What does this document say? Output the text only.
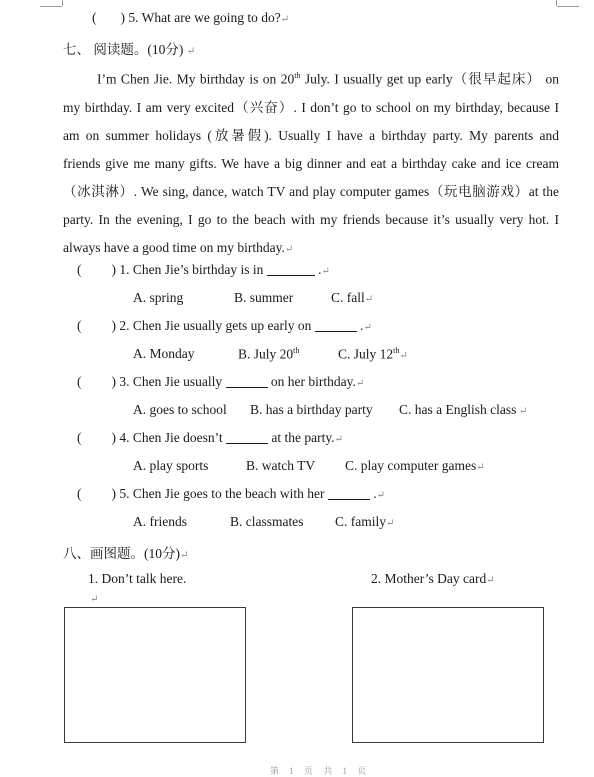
( ) 5. What are we going to do?↵
七、 阅读题。(10分) ↵
I’m Chen Jie. My birthday is on 20th July. I usually get up early（很早起床） on
my birthday. I am very excited（兴奋）. I don’t go to school on my birthday, because I
am on summer holidays (放暑假). Usually I have a birthday party. My parents and
friends give me many gifts. We have a big dinner and eat a birthday cake and ice cream
（冰淇淋）. We sing, dance, watch TV and play computer games（玩电脑游戏）at the
party. In the evening, I go to the beach with my friends because it’s usually very hot. I
always have a good time on my birthday.↵
( ) 1. Chen Jie’s birthday is in	.↵
A. spring	B. summer	C. fall↵
( ) 2. Chen Jie usually gets up early on	.↵
A. Monday	B. July 20th	C. July 12th↵
( ) 3. Chen Jie usually	on her birthday.↵
A. goes to school B. has a birthday party C. has a English class ↵
( ) 4. Chen Jie doesn’t	at the party.↵
A. play sports	B. watch TV C. play computer games↵
( ) 5. Chen Jie goes to the beach with her	.↵
A. friends	B. classmates C. family↵
八、画图题。(10分)↵
1. Don’t talk here.	2. Mother’s Day card↵
↵
第 1 页 共 1 页
